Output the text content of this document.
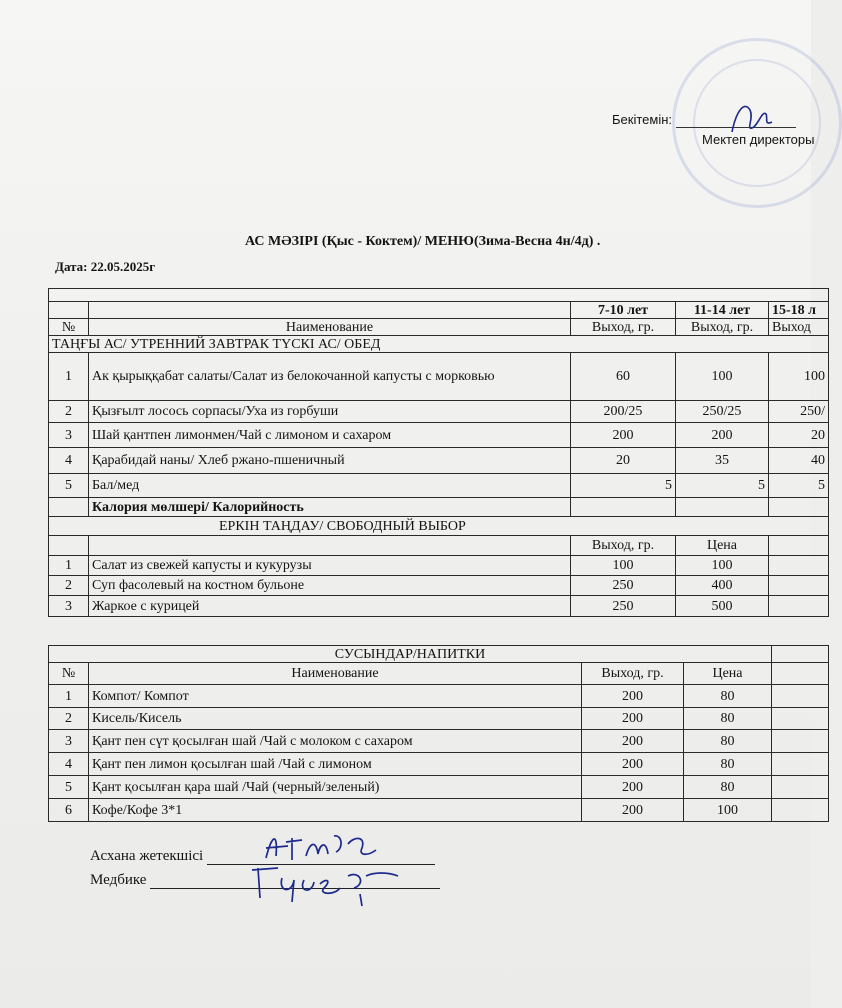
Бекітемін:
Мектеп директоры
АС МӘЗІРІ (Қыс - Коктем)/ МЕНЮ(Зима-Весна 4н/4д) .
Дата: 22.05.2025г

		7-10 лет	11-14 лет	15-18 л
№	Наименование	Выход, гр.	Выход, гр.	Выход
ТАҢҒЫ АС/ УТРЕННИЙ ЗАВТРАК ТҮСКІ АС/ ОБЕД				
1	Ак қырыққабат салаты/Салат из белокочанной капусты с морковью	60	100	100
2	Қызғылт лосось сорпасы/Уха из горбуши	200/25	250/25	250/
3	Шай қантпен лимонмен/Чай с лимоном и сахаром	200	200	20
4	Қарабидай наны/ Хлеб ржано-пшеничный	20	35	40
5	Бал/мед	5	5	5
	Калория мөлшері/ Калорийность			
ЕРКІН ТАҢДАУ/ СВОБОДНЫЙ ВЫБОР				
		Выход, гр.	Цена	
1	Салат из свежей капусты и кукурузы	100	100	
2	Суп фасолевый на костном бульоне	250	400	
3	Жаркое с курицей	250	500	
СУСЫНДАР/НАПИТКИ				
№	Наименование	Выход, гр.	Цена	
1	Компот/ Компот	200	80	
2	Кисель/Кисель	200	80	
3	Қант пен сүт қосылған шай /Чай с молоком с сахаром	200	80	
4	Қант пен лимон қосылған шай /Чай с лимоном	200	80	
5	Қант қосылған қара шай /Чай (черный/зеленый)	200	80	
6	Кофе/Кофе 3*1	200	100	
Асхана жетекшісі
Медбике
